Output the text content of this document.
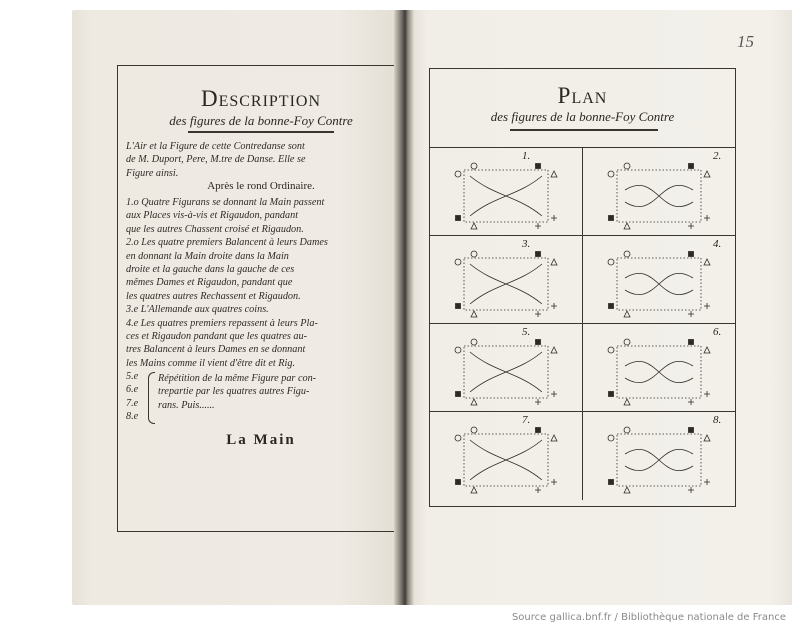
Description
des figures de la bonne-Foy Contre
L'Air et la Figure de cette Contredanse sont
de M. Duport, Pere, M.tre de Danse. Elle se
Figure ainsi.
Après le rond Ordinaire.
1.o Quatre Figurans se donnant la Main passent
aux Places vis-à-vis et Rigaudon, pandant
que les autres Chassent croisé et Rigaudon.
2.o Les quatre premiers Balancent à leurs Dames
en donnant la Main droite dans la Main
droite et la gauche dans la gauche de ces
mêmes Dames et Rigaudon, pandant que
les quatres autres Rechassent et Rigaudon.
3.e L'Allemande aux quatres coins.
4.e Les quatres premiers repassent à leurs Pla-
ces et Rigaudon pandant que les quatres au-
tres Balancent à leurs Dames en se donnant
les Mains comme il vient d'être dit et Rig.
5.e
6.e
7.e
8.e
Répétition de la même Figure par con-
trepartie par les quatres autres Figu-
rans. Puis......
La Main
15
Plan
des figures de la bonne-Foy Contre
1.	2.
3.	4.
5.	6.
7.	8.
Source gallica.bnf.fr / Bibliothèque nationale de France
